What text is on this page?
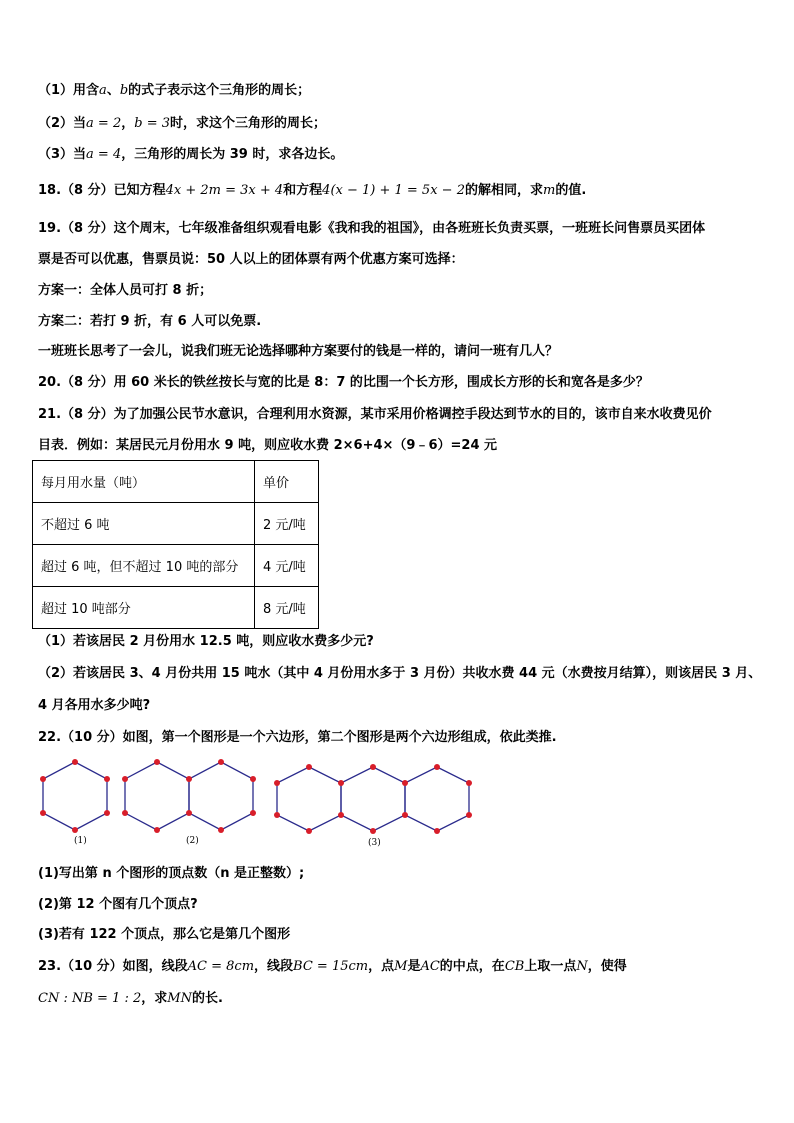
（1）用含a、b的式子表示这个三角形的周长；
（2）当a = 2，b = 3时，求这个三角形的周长；
（3）当a = 4，三角形的周长为 39 时，求各边长。
18.（8 分）已知方程4x + 2m = 3x + 4和方程4(x − 1) + 1 = 5x − 2的解相同，求m的值.
19.（8 分）这个周末，七年级准备组织观看电影《我和我的祖国》，由各班班长负责买票，一班班长问售票员买团体
票是否可以优惠，售票员说：50 人以上的团体票有两个优惠方案可选择：
方案一：全体人员可打 8 折；
方案二：若打 9 折，有 6 人可以免票.
一班班长思考了一会儿，说我们班无论选择哪种方案要付的钱是一样的，请问一班有几人？
20.（8 分）用 60 米长的铁丝按长与宽的比是 8：7 的比围一个长方形，围成长方形的长和宽各是多少？
21.（8 分）为了加强公民节水意识，合理利用水资源，某市采用价格调控手段达到节水的目的，该市自来水收费见价
目表．例如：某居民元月份用水 9 吨，则应收水费 2×6+4×（9﹣6）=24 元
每月用水量（吨）	单价
不超过 6 吨	2 元/吨
超过 6 吨，但不超过 10 吨的部分	4 元/吨
超过 10 吨部分	8 元/吨
（1）若该居民 2 月份用水 12.5 吨，则应收水费多少元?
（2）若该居民 3、4 月份共用 15 吨水（其中 4 月份用水多于 3 月份）共收水费 44 元（水费按月结算），则该居民 3 月、
4 月各用水多少吨?
22.（10 分）如图，第一个图形是一个六边形，第二个图形是两个六边形组成，依此类推.
(1)	(2)	(3)
(1)写出第 n 个图形的顶点数（n 是正整数）;
(2)第 12 个图有几个顶点?
(3)若有 122 个顶点，那么它是第几个图形
23.（10 分）如图，线段AC = 8cm，线段BC = 15cm，点M是AC的中点，在CB上取一点N，使得
CN : NB = 1 : 2，求MN的长.
